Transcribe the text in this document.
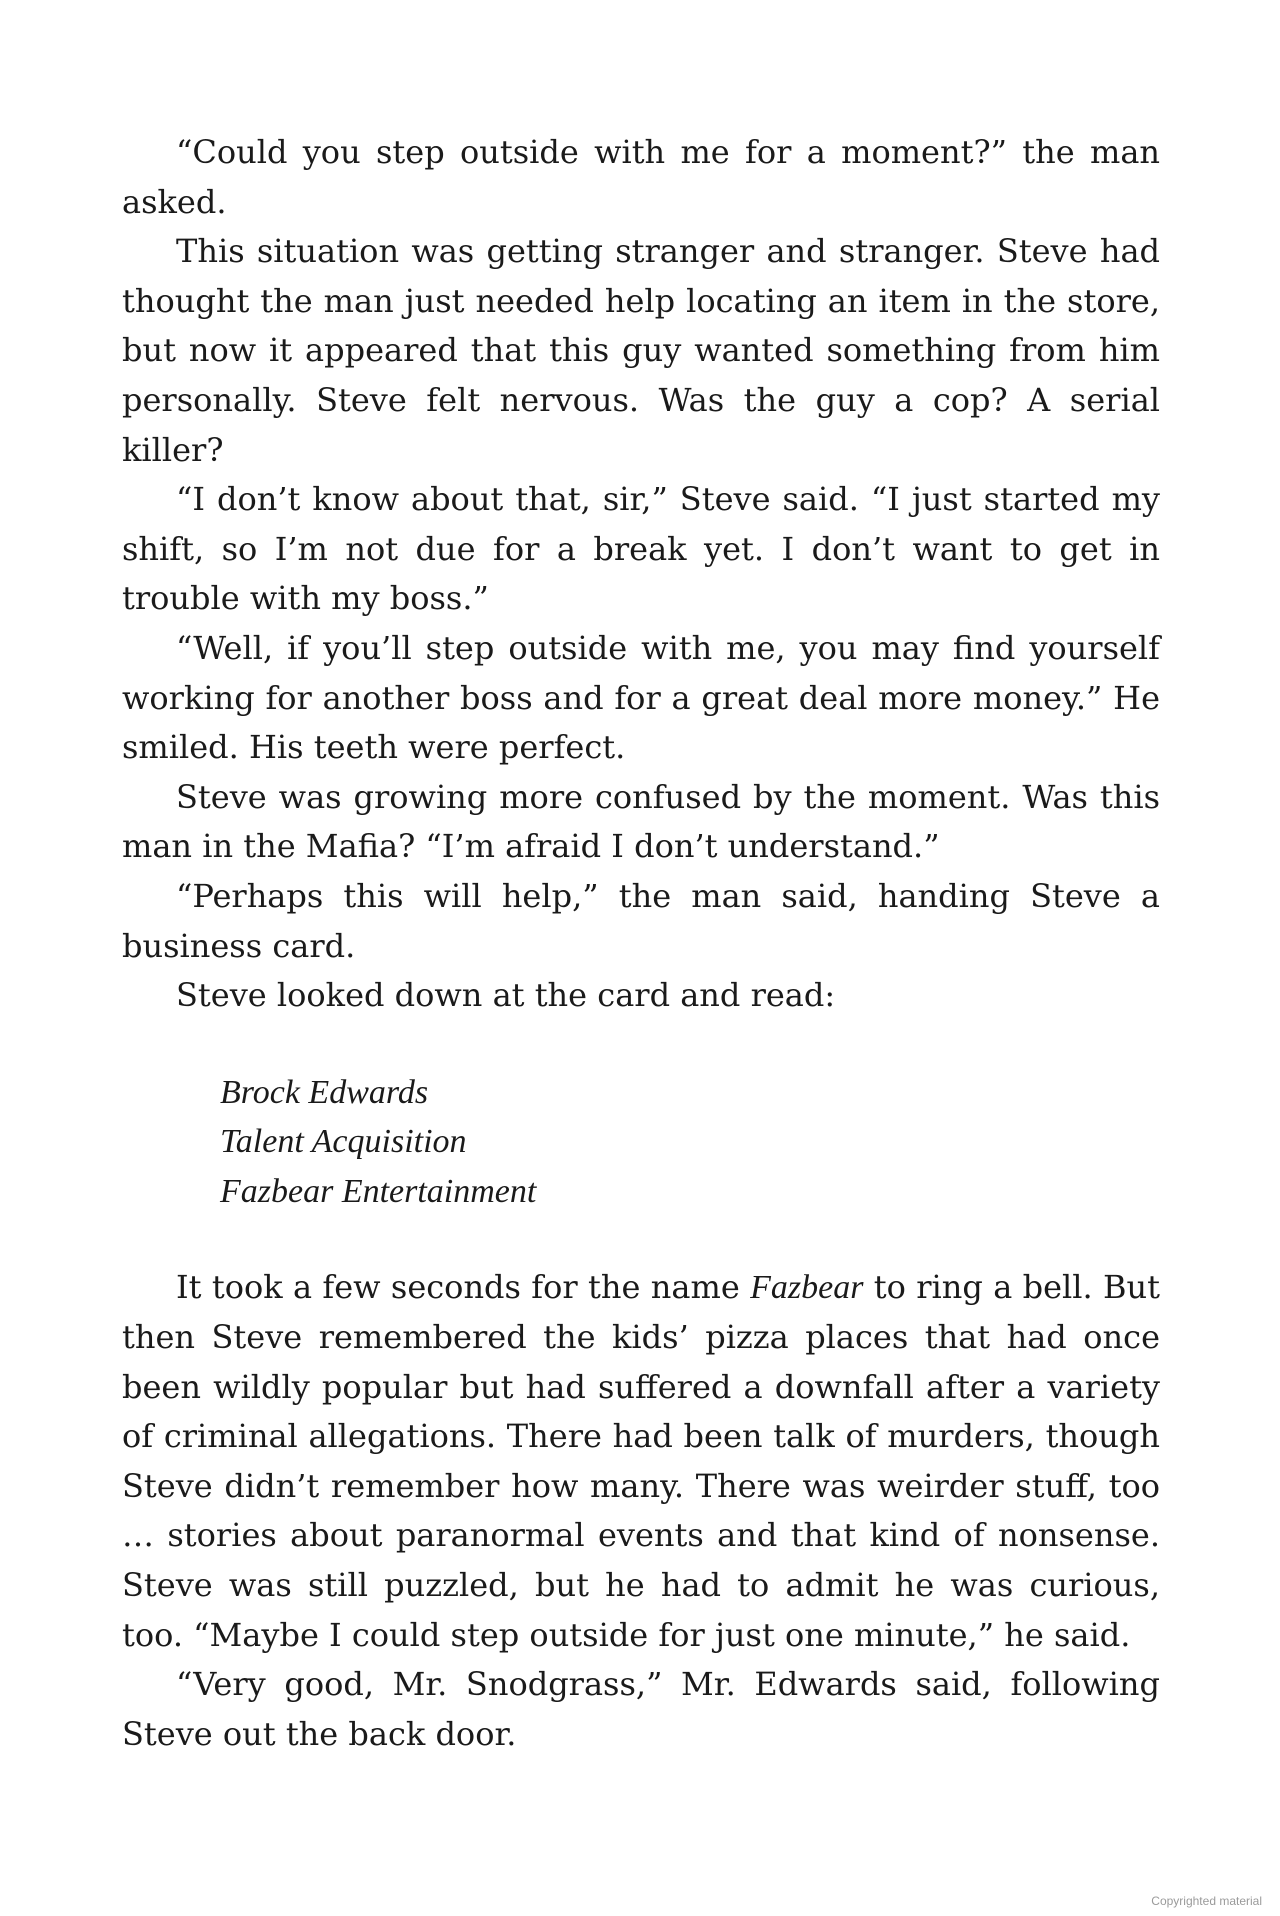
“Could you step outside with me for a moment?” the man asked.

This situation was getting stranger and stranger. Steve had thought the man just needed help locating an item in the store, but now it appeared that this guy wanted something from him personally. Steve felt nervous. Was the guy a cop? A serial killer?

“I don’t know about that, sir,” Steve said. “I just started my shift, so I’m not due for a break yet. I don’t want to get in trouble with my boss.”

“Well, if you’ll step outside with me, you may find yourself working for another boss and for a great deal more money.” He smiled. His teeth were perfect.

Steve was growing more confused by the moment. Was this man in the Mafia? “I’m afraid I don’t understand.”

“Perhaps this will help,” the man said, handing Steve a business card.

Steve looked down at the card and read:

Brock Edwards

Talent Acquisition

Fazbear Entertainment

It took a few seconds for the name Fazbear to ring a bell. But then Steve remembered the kids’ pizza places that had once been wildly popular but had suffered a downfall after a variety of criminal allegations. There had been talk of murders, though Steve didn’t remember how many. There was weirder stuff, too … stories about paranormal events and that kind of nonsense. Steve was still puzzled, but he had to admit he was curious, too. “Maybe I could step outside for just one minute,” he said.

“Very good, Mr. Snodgrass,” Mr. Edwards said, following Steve out the back door.

Copyrighted material
